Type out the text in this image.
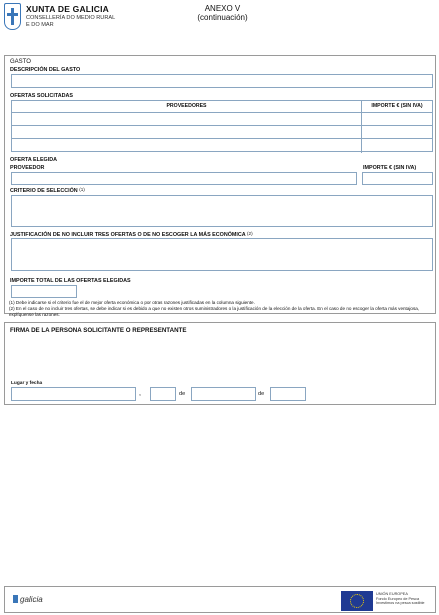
XUNTA DE GALICIA
CONSELLERÍA DO MEDIO RURAL
E DO MAR
ANEXO V
(continuación)
GASTO
DESCRIPCIÓN DEL GASTO
OFERTAS SOLICITADAS
PROVEEDORES	IMPORTE € (SIN IVA)
OFERTA ELEGIDA
PROVEEDOR	IMPORTE € (SIN IVA)
CRITERIO DE SELECCIÓN (1)
JUSTIFICACIÓN DE NO INCLUIR TRES OFERTAS O DE NO ESCOGER LA MÁS ECONÓMICA (2)
IMPORTE TOTAL DE LAS OFERTAS ELEGIDAS
(1) Debe indicarse si el criterio fue el de mejor oferta económica o por otras razones justificadas en la columna siguiente.
(2) En el caso de no incluir tres ofertas, se debe indicar si es debido a que no existen otros suministradores o la justificación de la elección de la oferta. En el caso de no escoger la oferta más ventajosa, explíquense las razones.
FIRMA DE LA PERSONA SOLICITANTE O REPRESENTANTE
Lugar y fecha
,	de	de
galicia
UNIÓN EUROPEA
Fondo Europeo de Pesca
Investimos na pesca sostible
